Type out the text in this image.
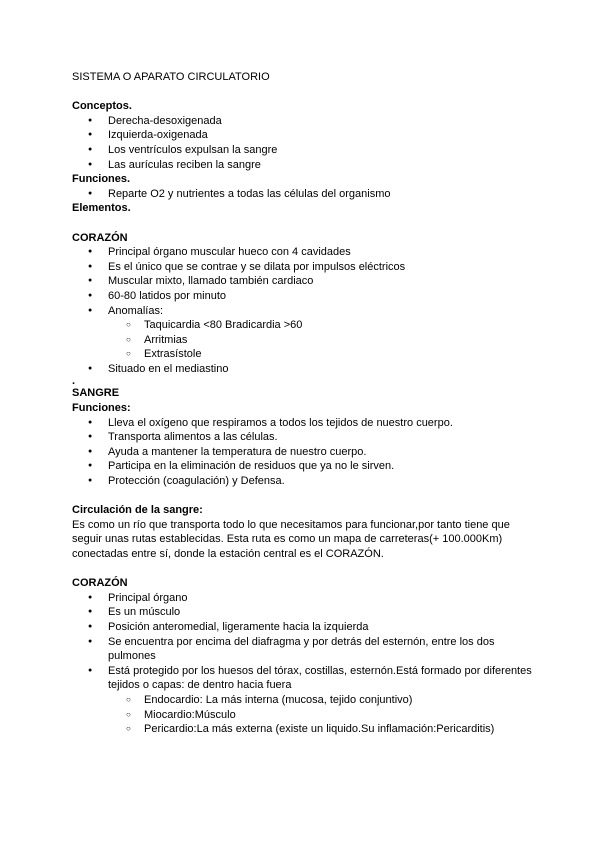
SISTEMA O APARATO CIRCULATORIO

Conceptos.

● Derecha-desoxigenada
● Izquierda-oxigenada
● Los ventrículos expulsan la sangre
● Las aurículas reciben la sangre

Funciones.

● Reparte O2 y nutrientes a todas las células del organismo

Elementos.

CORAZÓN

● Principal órgano muscular hueco con 4 cavidades
● Es el único que se contrae y se dilata por impulsos eléctricos
● Muscular mixto, llamado también cardiaco
● 60-80 latidos por minuto
● Anomalías:
○ Taquicardia <80 Bradicardia >60
○ Arritmias
○ Extrasístole
● Situado en el mediastino

.

SANGRE

Funciones:

● Lleva el oxígeno que respiramos a todos los tejidos de nuestro cuerpo.
● Transporta alimentos a las células.
● Ayuda a mantener la temperatura de nuestro cuerpo.
● Participa en la eliminación de residuos que ya no le sirven.
● Protección (coagulación) y Defensa.

Circulación de la sangre:

Es como un río que transporta todo lo que necesitamos para funcionar,por tanto tiene que seguir unas rutas establecidas. Esta ruta es como un mapa de carreteras(+ 100.000Km) conectadas entre sí, donde la estación central es el CORAZÓN.

CORAZÓN

● Principal órgano
● Es un músculo
● Posición anteromedial, ligeramente hacia la izquierda
● Se encuentra por encima del diafragma y por detrás del esternón, entre los dos pulmones
● Está protegido por los huesos del tórax, costillas, esternón.Está formado por diferentes tejidos o capas: de dentro hacia fuera
○ Endocardio: La más interna (mucosa, tejido conjuntivo)
○ Miocardio:Músculo
○ Pericardio:La más externa (existe un liquido.Su inflamación:Pericarditis)
